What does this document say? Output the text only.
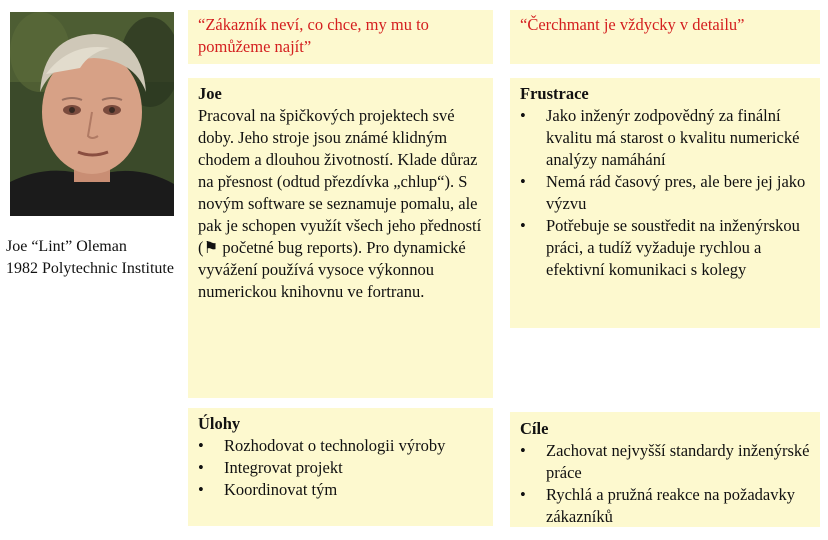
Joe “Lint” Oleman
1982 Polytechnic Institute
“Zákazník neví, co chce, my mu to pomůžeme najít”
“Čerchmant je vždycky v detailu”
Joe
Pracoval na špičkových projektech své doby. Jeho stroje jsou známé klidným chodem a dlouhou životností. Klade důraz na přesnost (odtud přezdívka „chlup“). S novým software se seznamuje pomalu, ale pak je schopen využít všech jeho předností (⚑ početné bug reports). Pro dynamické vyvážení používá vysoce výkonnou numerickou knihovnu ve fortranu.
Frustrace
•	Jako inženýr zodpovědný za finální kvalitu má starost o kvalitu numerické analýzy namáhání
•	Nemá rád časový pres, ale bere jej jako výzvu
•	Potřebuje se soustředit na inženýrskou práci, a tudíž vyžaduje rychlou a efektivní komunikaci s kolegy
Úlohy
•	Rozhodovat o technologii výroby
•	Integrovat projekt
•	Koordinovat tým
Cíle
•	Zachovat nejvyšší standardy inženýrské práce
•	Rychlá a pružná reakce na požadavky zákazníků
